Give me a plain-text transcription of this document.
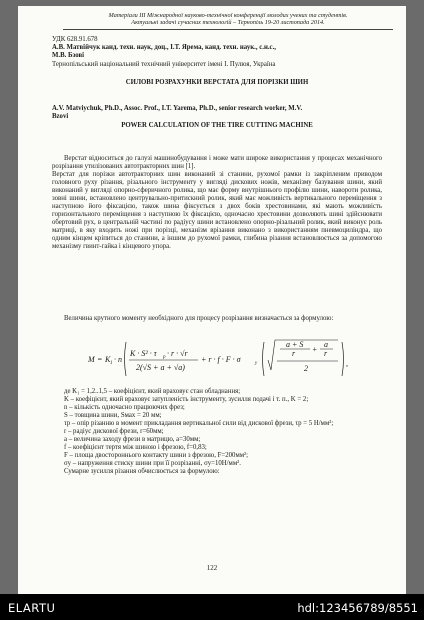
Матеріали ІІІ Міжнародної науково-технічної конференції молодих учених та студентів.
Актуальні задачі сучасних технологій – Тернопіль 19-20 листопада 2014.
УДК 628.91.678
А.В. Матвійчук канд. техн. наук, доц., І.Т. Ярема, канд. техн. наук., с.н.с.,
М.В. Бзові
Тернопільський національний технічний університет імені І. Пулюя, Україна
СИЛОВІ РОЗРАХУНКИ ВЕРСТАТА ДЛЯ ПОРІЗКИ ШИН
A.V. Matviychuk, Ph.D., Assoc. Prof., I.T. Yarema, Ph.D., senior research worker, M.V.
Bzovi
POWER CALCULATION OF THE TIRE CUTTING MACHINE
Верстат відноситься до галузі машинобудування і може мати широке використання у процесах механічного розрізання утилізованих автотракторних шин [1].
Верстат для порізки автотракторних шин виконаний зі станини, рухомої рамки із закріпленим приводом головного руху різання, різального інструменту у вигляді дискових ножів, механізму базування шини, який виконаний у вигляді опорно-сферичного ролика, що має форму внутрішнього профілю шини, навороти ролика, зовні шини, встановлено центрувально-притискний ролик, який має можливість вертикального переміщення з наступною його фіксацією, також шина фіксується з двох боків хрестовинами, які мають можливість горизонтального переміщення з наступною їх фіксацією, одночасно хрестовини дозволяють шині здійснювати обертовий рух, в центральній частині по радіусу шини встановлено опорно-різальний ролик, який виконує роль матриці, в яку входить ножі при порізці, механізм врізання виконано з використанням пневмоциліндра, що одним кінцем кріпиться до станини, а іншим до рухомої рамки, глибина різання встановлюється за допомогою механізму гвинт-гайка і кінцевого упора.
Величина крутного моменту необхідного для процесу розрізання визначається за формулою:
M = K 1 · n
K · S² · τ р · r · √r
2(√S + a + √a)
+ r · f · F · σ	у
a + S
r +
a
r
2
,
де K₁ = 1,2..1,5 – коефіцієнт, який враховує стан обладнання;
K – коефіцієнт, який враховує затупленість інструменту, зусилля подачі і т. п., K = 2;
n – кількість одночасно працюючих фрез;
S – товщина шини, Sмах = 20 мм;
τр – опір різанню в момент прикладання вертикальної сили від дискової фрези, τр = 5 Н/мм²;
r – радіус дискової фрези, r=60мм;
a – величина заходу фрези в матрицю, a=30мм;
f – коефіцієнт тертя між шиною і фрезою, f=0,83;
F – площа двостороннього контакту шини з фрезою, F=200мм²;
σу – напруження стиску шини при її розрізанні, σу=10Н/мм².
Сумарне зусилля різання обчислюється за формулою:
122
ELARTU	hdl:123456789/8551
